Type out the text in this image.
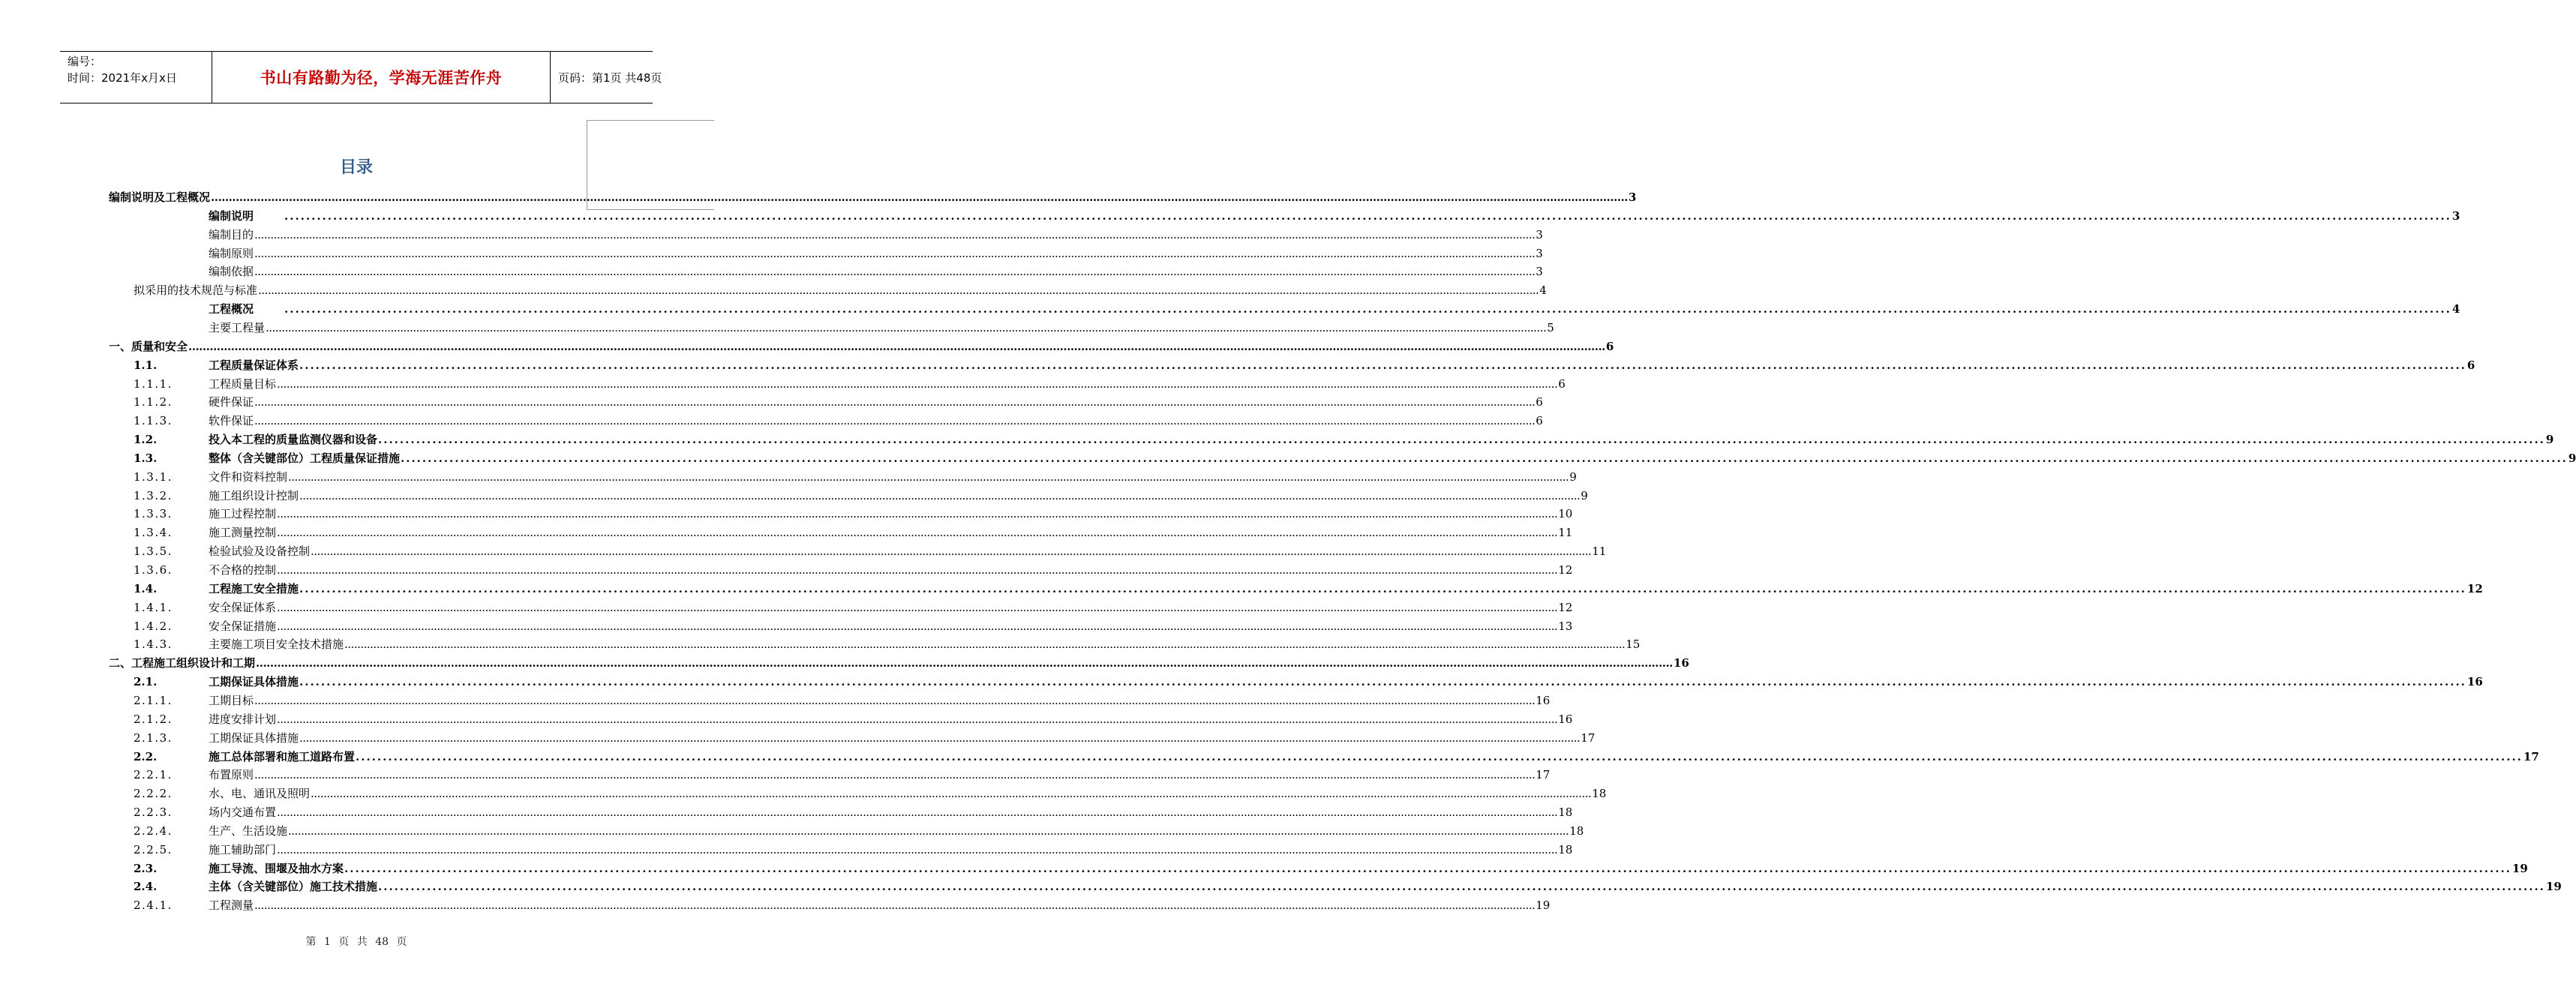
编号：
时间：2021年x月x日	书山有路勤为径，学海无涯苦作舟	页码：第1页 共48页
目录
编制说明及工程概况 ................................................................................................................................................................................................................................................................................................................................................................................................................ 3
编制说明	................................................................................................................................................................................................................................................................................................................................................................................................................ 3
编制目的 ................................................................................................................................................................................................................................................................................................................................................................................................................ 3
编制原则 ................................................................................................................................................................................................................................................................................................................................................................................................................ 3
编制依据 ................................................................................................................................................................................................................................................................................................................................................................................................................ 3
拟采用的技术规范与标准 ................................................................................................................................................................................................................................................................................................................................................................................................................ 4
工程概况	................................................................................................................................................................................................................................................................................................................................................................................................................ 4
主要工程量 ................................................................................................................................................................................................................................................................................................................................................................................................................ 5
一、质量和安全 ................................................................................................................................................................................................................................................................................................................................................................................................................ 6
1.1.	工程质量保证体系 ................................................................................................................................................................................................................................................................................................................................................................................................................ 6
1.1.1.	工程质量目标 ................................................................................................................................................................................................................................................................................................................................................................................................................ 6
1.1.2.	硬件保证 ................................................................................................................................................................................................................................................................................................................................................................................................................ 6
1.1.3.	软件保证 ................................................................................................................................................................................................................................................................................................................................................................................................................ 6
1.2.	投入本工程的质量监测仪器和设备 ................................................................................................................................................................................................................................................................................................................................................................................................................ 9
1.3.	整体（含关键部位）工程质量保证措施 ................................................................................................................................................................................................................................................................................................................................................................................................................ 9
1.3.1.	文件和资料控制 ................................................................................................................................................................................................................................................................................................................................................................................................................ 9
1.3.2.	施工组织设计控制 ................................................................................................................................................................................................................................................................................................................................................................................................................ 9
1.3.3.	施工过程控制 ................................................................................................................................................................................................................................................................................................................................................................................................................ 10
1.3.4.	施工测量控制 ................................................................................................................................................................................................................................................................................................................................................................................................................ 11
1.3.5.	检验试验及设备控制 ................................................................................................................................................................................................................................................................................................................................................................................................................ 11
1.3.6.	不合格的控制 ................................................................................................................................................................................................................................................................................................................................................................................................................ 12
1.4.	工程施工安全措施 ................................................................................................................................................................................................................................................................................................................................................................................................................ 12
1.4.1.	安全保证体系 ................................................................................................................................................................................................................................................................................................................................................................................................................ 12
1.4.2.	安全保证措施 ................................................................................................................................................................................................................................................................................................................................................................................................................ 13
1.4.3.	主要施工项目安全技术措施 ................................................................................................................................................................................................................................................................................................................................................................................................................ 15
二、工程施工组织设计和工期 ................................................................................................................................................................................................................................................................................................................................................................................................................ 16
2.1.	工期保证具体措施 ................................................................................................................................................................................................................................................................................................................................................................................................................ 16
2.1.1.	工期目标 ................................................................................................................................................................................................................................................................................................................................................................................................................ 16
2.1.2.	进度安排计划 ................................................................................................................................................................................................................................................................................................................................................................................................................ 16
2.1.3.	工期保证具体措施 ................................................................................................................................................................................................................................................................................................................................................................................................................ 17
2.2.	施工总体部署和施工道路布置 ................................................................................................................................................................................................................................................................................................................................................................................................................ 17
2.2.1.	布置原则 ................................................................................................................................................................................................................................................................................................................................................................................................................ 17
2.2.2.	水、电、通讯及照明 ................................................................................................................................................................................................................................................................................................................................................................................................................ 18
2.2.3.	场内交通布置 ................................................................................................................................................................................................................................................................................................................................................................................................................ 18
2.2.4.	生产、生活设施 ................................................................................................................................................................................................................................................................................................................................................................................................................ 18
2.2.5.	施工辅助部门 ................................................................................................................................................................................................................................................................................................................................................................................................................ 18
2.3.	施工导流、围堰及抽水方案 ................................................................................................................................................................................................................................................................................................................................................................................................................ 19
2.4.	主体（含关键部位）施工技术措施 ................................................................................................................................................................................................................................................................................................................................................................................................................ 19
2.4.1.	工程测量 ................................................................................................................................................................................................................................................................................................................................................................................................................ 19
第 1 页 共 48 页
